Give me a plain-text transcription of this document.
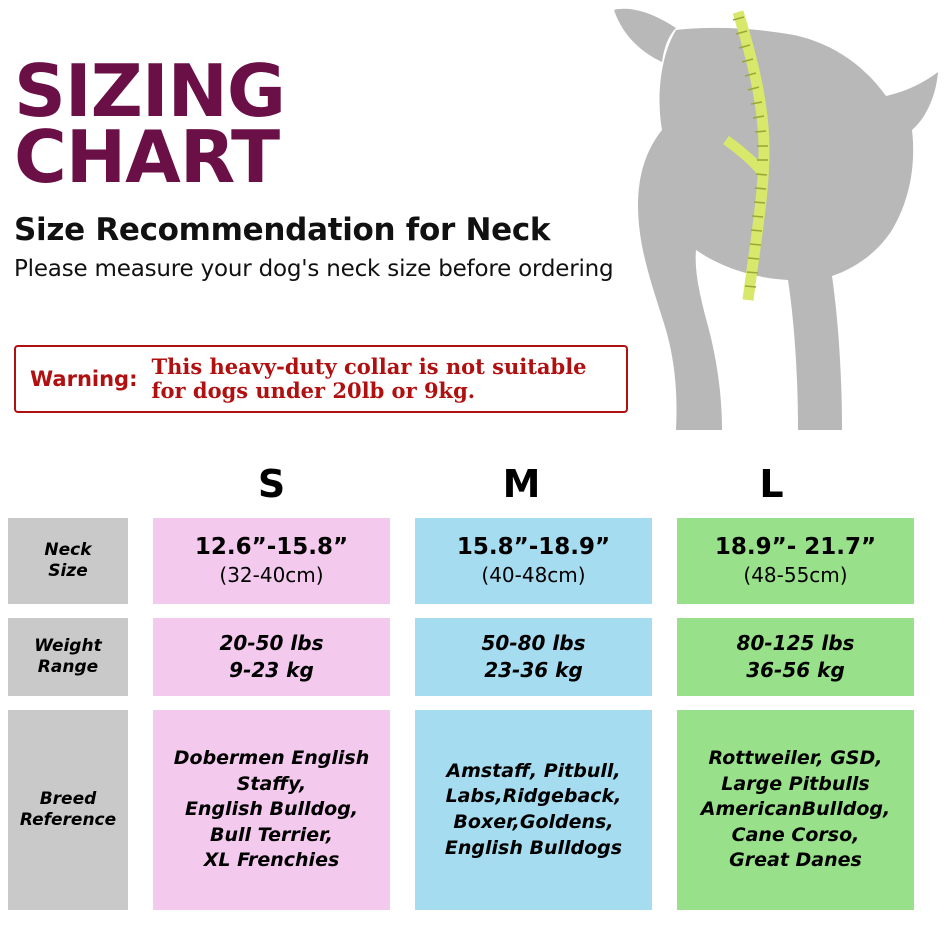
SIZING
CHART
Size Recommendation for Neck
Please measure your dog's neck size before ordering
Warning:
This heavy-duty collar is not suitable
for dogs under 20lb or 9kg.
S	M	L
Neck
Size
12.6”-15.8”
(32-40cm)
15.8”-18.9”
(40-48cm)
18.9”- 21.7”
(48-55cm)
Weight
Range
20-50 lbs
9-23 kg
50-80 lbs
23-36 kg
80-125 lbs
36-56 kg
Breed
Reference
Dobermen English
Staffy,
English Bulldog,
Bull Terrier,
XL Frenchies
Amstaff, Pitbull,
Labs,Ridgeback,
Boxer,Goldens,
English Bulldogs
Rottweiler, GSD,
Large Pitbulls
AmericanBulldog,
Cane Corso,
Great Danes
